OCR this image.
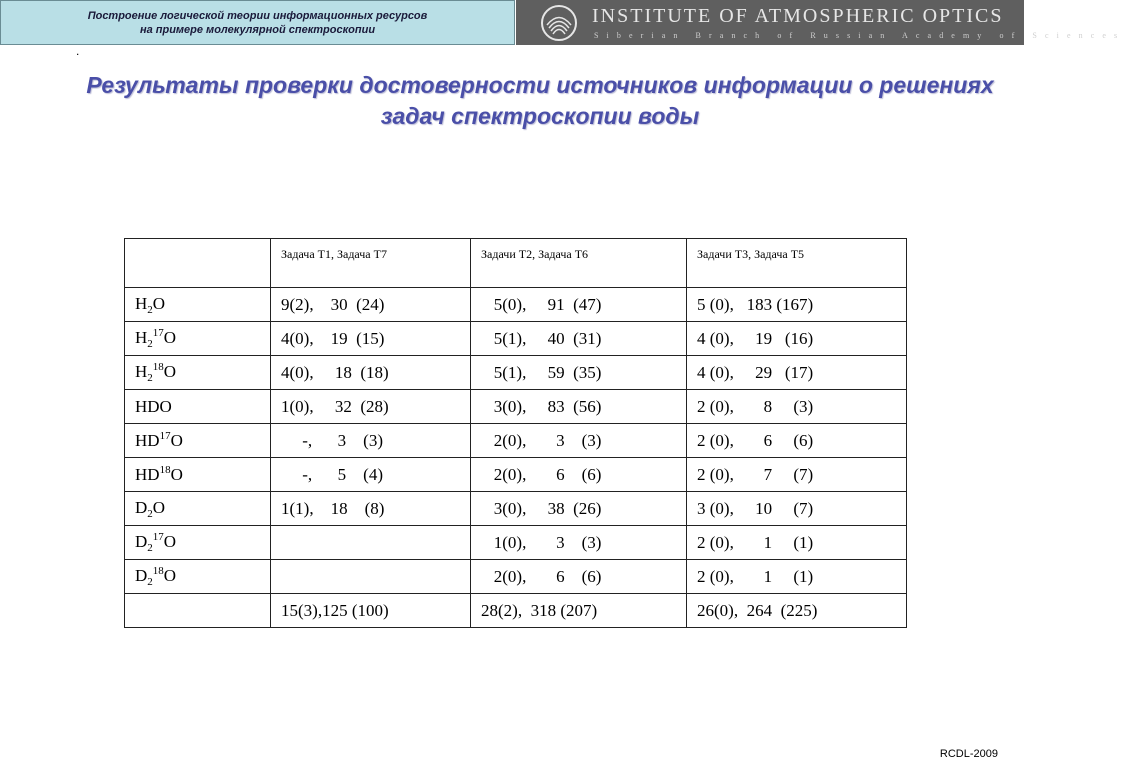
Построение логической теории информационных ресурсов
на примере молекулярной спектроскопии
INSTITUTE OF ATMOSPHERIC OPTICS
Siberian Branch of Russian Academy of Sciences
.
Результаты проверки достоверности источников информации о решениях задач спектроскопии воды
	Задача Т1, Задача Т7	Задачи Т2, Задача Т6	Задачи Т3, Задача Т5
$H_2O$	9(2),    30  (24)	5(0),     91  (47)	5 (0),   183 (167)
$H_2^{17}O$	4(0),    19  (15)	5(1),     40  (31)	4 (0),     19   (16)
$H_2^{18}O$	4(0),     18  (18)	5(1),     59  (35)	4 (0),     29   (17)
HDO	1(0),     32  (28)	3(0),     83  (56)	2 (0),       8     (3)
HD$^{17}$O	-,      3    (3)	2(0),       3    (3)	2 (0),       6     (6)
HD$^{18}$O	-,      5    (4)	2(0),       6    (6)	2 (0),       7     (7)
$D_2O$	1(1),    18    (8)	3(0),     38  (26)	3 (0),     10     (7)
$D_2^{17}O$		1(0),       3    (3)	2 (0),       1     (1)
$D_2^{18}O$		2(0),       6    (6)	2 (0),       1     (1)
	15(3),125 (100)	28(2),  318 (207)	26(0),  264  (225)
RCDL-2009
